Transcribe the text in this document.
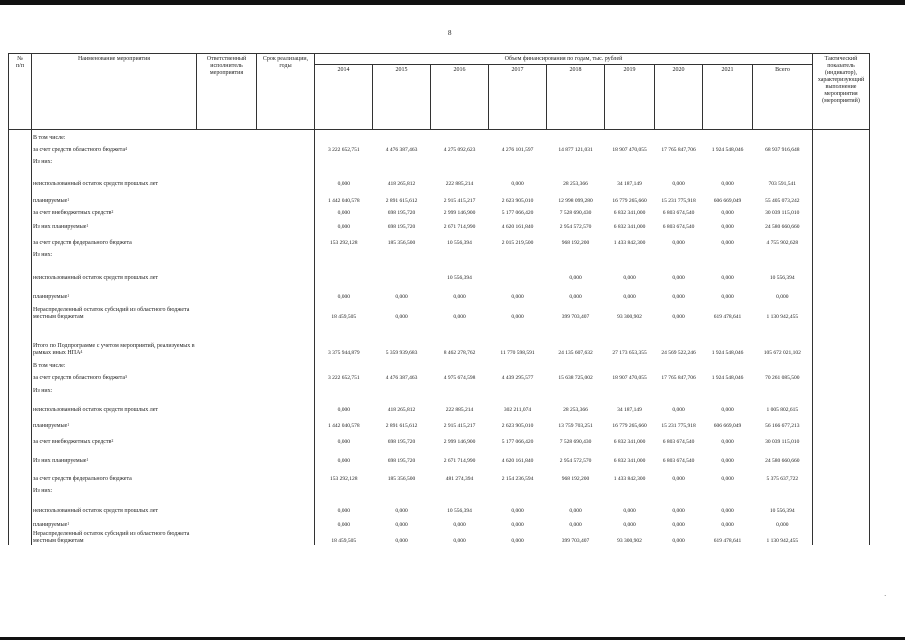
8
№
п/п	Наименование мероприятия	Ответственный исполнитель мероприятия	Срок реализации, годы	Объем финансирования по годам, тыс. рублей									Тактический показатель (индикатор), характеризующий выполнение мероприятия (мероприятий)
				2014	2015	2016	2017	2018	2019	2020	2021	Всего	
	В том числе:												
	за счет средств областного бюджета$^4$			3 222 652,751	4 476 387,463	4 275 092,623	4 276 101,597	14 877 121,031	18 907 470,055	17 765 847,706	1 924 548,046	68 937 916,648	
	Из них:												
	неиспользованный остаток средств прошлых лет			0,000	418 265,812	222 885,214	0,000	28 253,366	34 187,149	0,000	0,000	703 591,541	
	планируемые$^1$			1 442 040,578	2 891 615,612	2 915 415,217	2 623 905,010	12 998 099,280	16 779 265,660	15 231 775,918	606 669,049	55 405 073,242	
	за счет внебюджетных средств$^2$			0,000	698 195,720	2 999 146,900	5 177 066,420	7 528 690,430	6 832 341,000	6 803 674,540	0,000	30 039 115,010	
	Из них планируемые$^1$			0,000	698 195,720	2 671 714,990	4 620 161,840	2 954 572,570	6 832 341,000	6 803 674,540	0,000	24 580 660,660	
	за счет средств федерального бюджета			153 292,128	185 356,500	10 556,394	2 015 219,500	968 192,200	1 433 842,300	0,000	0,000	4 755 902,628	
	Из них:												
	неиспользованный остаток средств прошлых лет					10 556,394		0,000	0,000	0,000	0,000	10 556,394	
	планируемые$^1$			0,000	0,000	0,000	0,000	0,000	0,000	0,000	0,000	0,000	
	Нераспределенный остаток субсидий из областного бюджета местным бюджетам			18 459,505	0,000	0,000	0,000	399 703,407	93 300,902	0,000	619 478,641	1 130 942,455	
	Итого по Подпрограмме с учетом мероприятий, реализуемых в рамках иных НПА$^4$			3 375 944,879	5 359 939,683	8 462 278,762	11 770 598,591	24 135 607,632	27 173 653,355	24 569 522,246	1 924 548,046	105 672 021,102	
	В том числе:												
	за счет средств областного бюджета$^3$			3 222 652,751	4 476 387,463	4 975 674,598	4 439 295,577	15 638 725,002	18 907 470,055	17 765 847,706	1 924 548,046	70 261 085,500	
	Из них:												
	неиспользованный остаток средств прошлых лет			0,000	418 265,812	222 885,214	302 211,074	28 253,366	34 187,149	0,000	0,000	1 005 802,615	
	планируемые$^1$			1 442 040,578	2 891 615,612	2 915 415,217	2 623 905,010	13 759 703,251	16 779 265,660	15 231 775,918	606 669,049	56 166 677,213	
	за счет внебюджетных средств$^2$			0,000	698 195,720	2 999 146,900	5 177 066,420	7 528 690,430	6 832 341,000	6 803 674,540	0,000	30 039 115,010	
	Из них планируемые$^1$			0,000	698 195,720	2 671 714,990	4 620 161,840	2 954 572,570	6 832 341,000	6 803 674,540	0,000	24 580 660,660	
	за счет средств федерального бюджета			153 292,128	185 356,500	481 274,394	2 154 236,594	968 192,200	1 433 842,300	0,000	0,000	5 375 637,722	
	Из них:												
	неиспользованный остаток средств прошлых лет			0,000	0,000	10 556,394	0,000	0,000	0,000	0,000	0,000	10 556,394	
	планируемые$^1$			0,000	0,000	0,000	0,000	0,000	0,000	0,000	0,000	0,000	
	Нераспределенный остаток субсидий из областного бюджета местным бюджетам			18 459,505	0,000	0,000	0,000	399 703,407	93 300,902	0,000	619 478,641	1 130 942,455	
·
